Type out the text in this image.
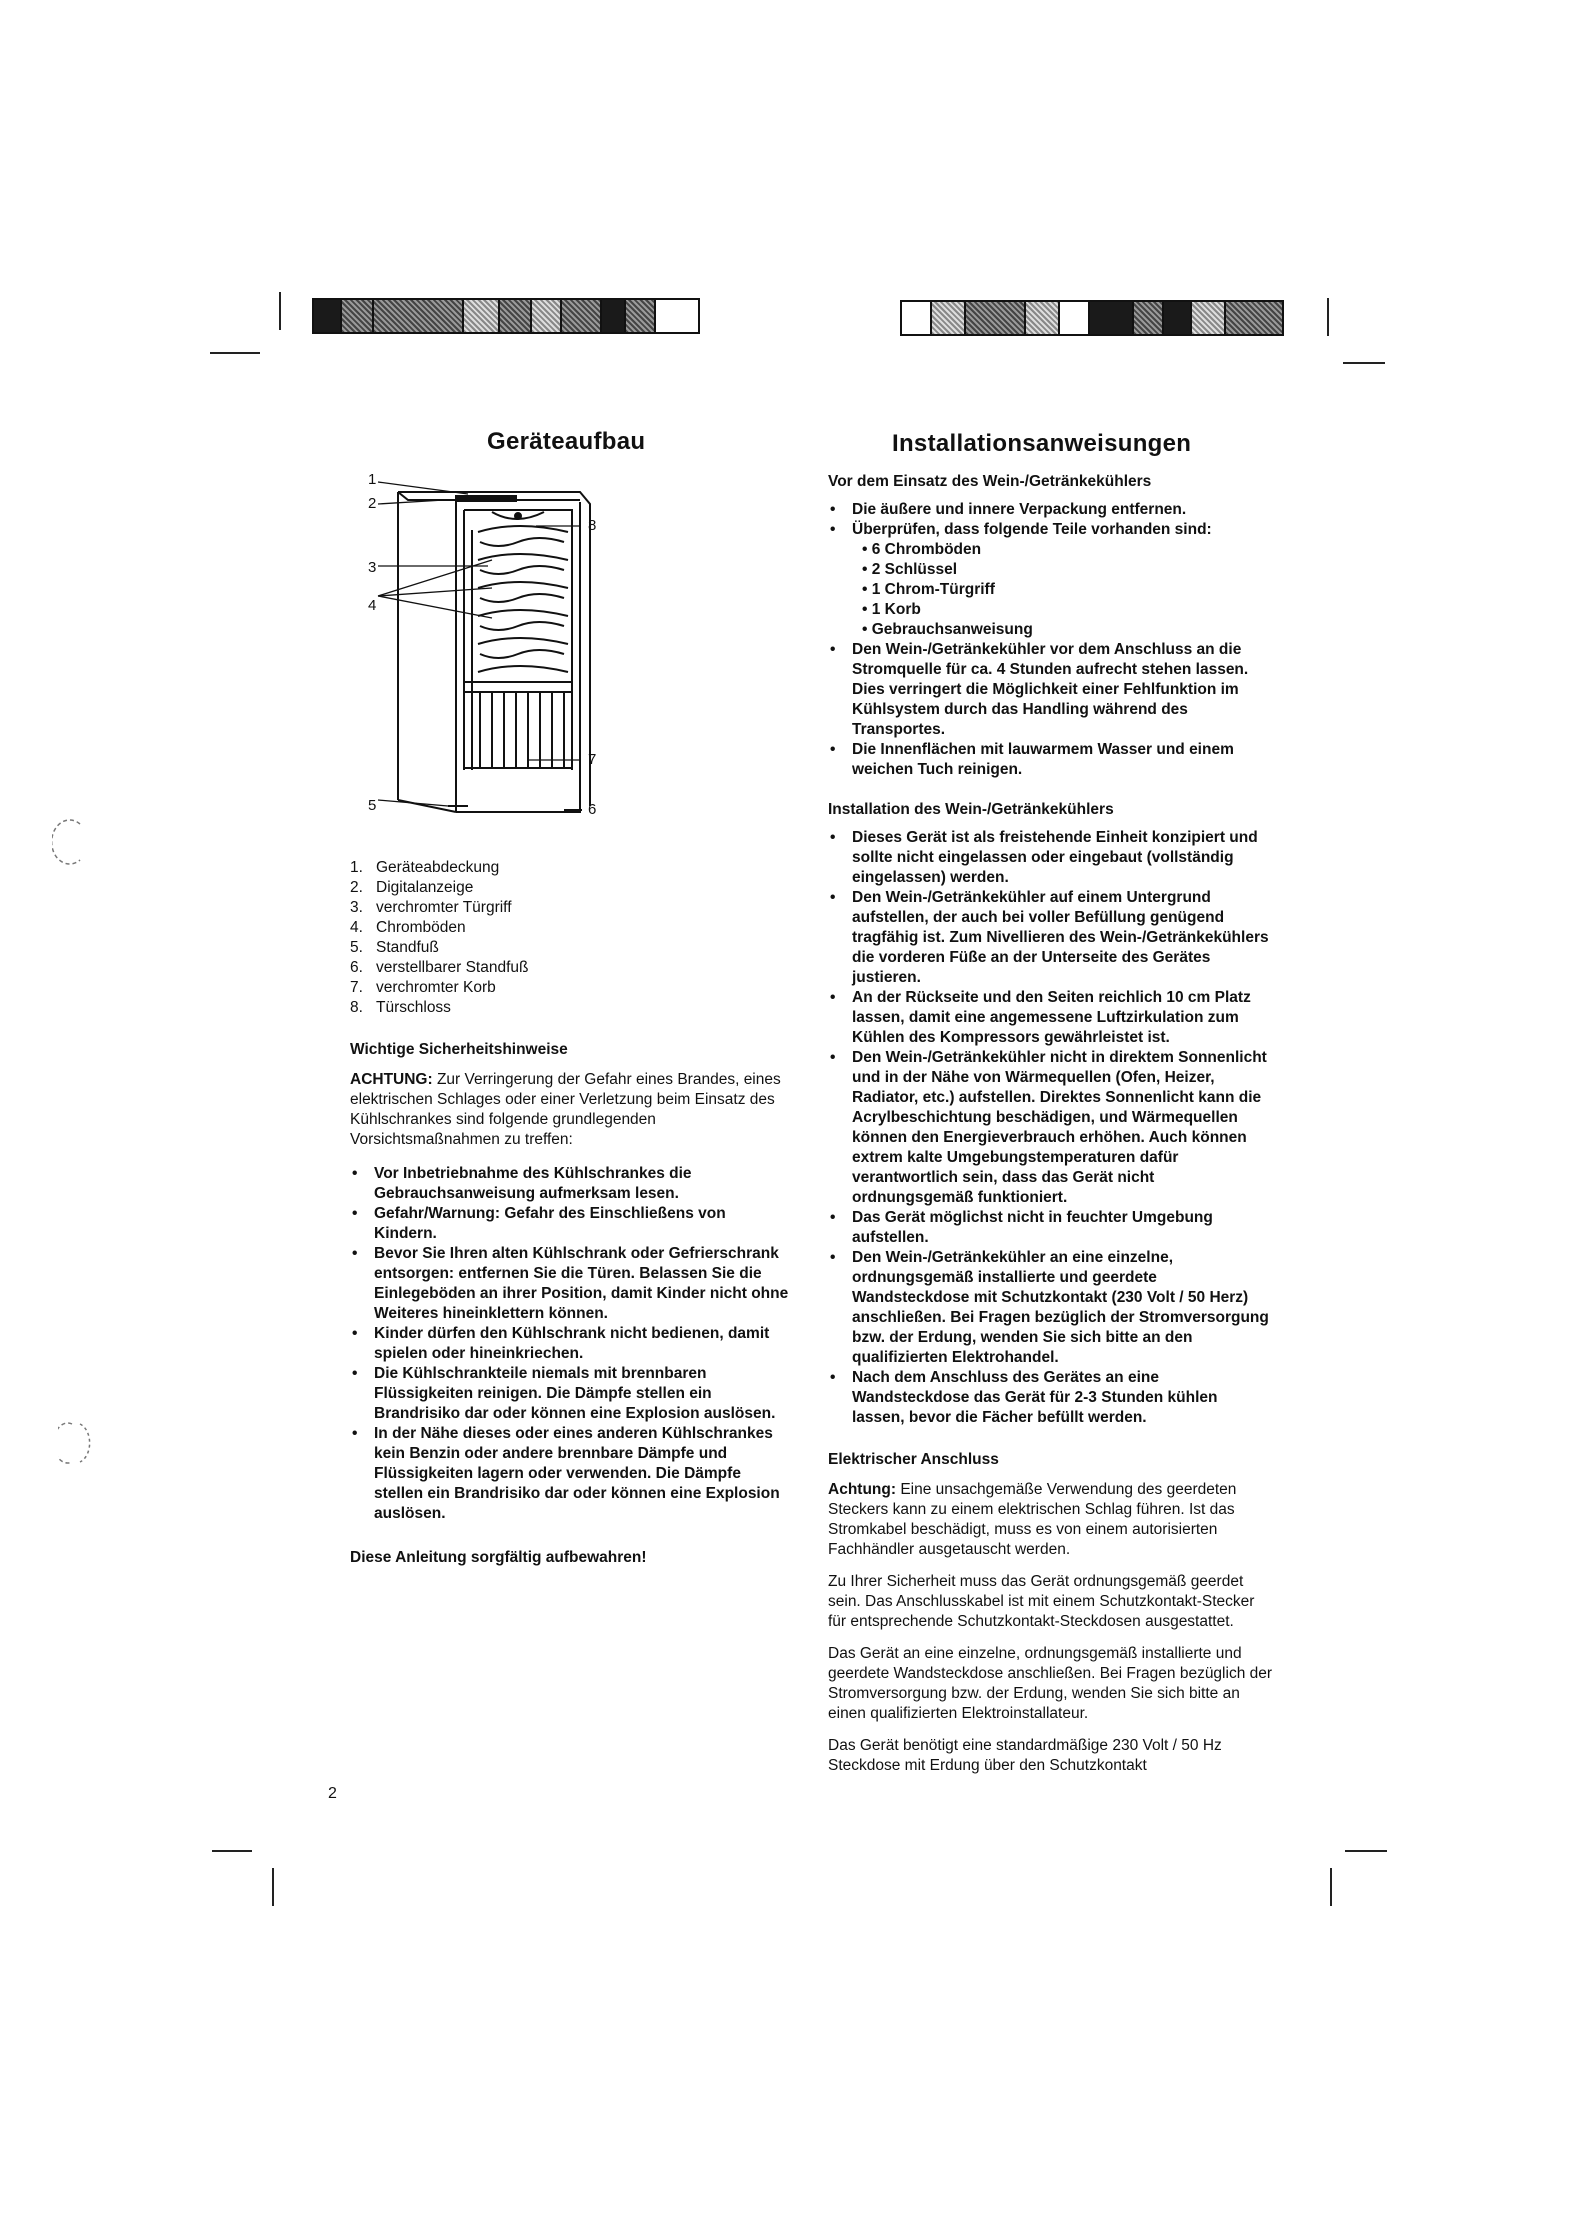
Geräteaufbau
1
2
3
4
5	6
7
8
1. Geräteabdeckung
2. Digitalanzeige
3. verchromter Türgriff
4. Chromböden
5. Standfuß
6. verstellbarer Standfuß
7. verchromter Korb
8. Türschloss

Wichtige Sicherheitshinweise

ACHTUNG: Zur Verringerung der Gefahr eines Brandes, eines elektrischen Schlages oder einer Verletzung beim Einsatz des Kühlschrankes sind folgende grundlegenden Vorsichtsmaßnahmen zu treffen:

• Vor Inbetriebnahme des Kühlschrankes die Gebrauchsanweisung aufmerksam lesen.
• Gefahr/Warnung: Gefahr des Einschließens von Kindern.
• Bevor Sie Ihren alten Kühlschrank oder Gefrierschrank entsorgen: entfernen Sie die Türen. Belassen Sie die Einlegeböden an ihrer Position, damit Kinder nicht ohne Weiteres hineinklettern können.
• Kinder dürfen den Kühlschrank nicht bedienen, damit spielen oder hineinkriechen.
• Die Kühlschrankteile niemals mit brennbaren Flüssigkeiten reinigen. Die Dämpfe stellen ein Brandrisiko dar oder können eine Explosion auslösen.
• In der Nähe dieses oder eines anderen Kühlschrankes kein Benzin oder andere brennbare Dämpfe und Flüssigkeiten lagern oder verwenden. Die Dämpfe stellen ein Brandrisiko dar oder können eine Explosion auslösen.

Diese Anleitung sorgfältig aufbewahren!

2
Installationsanweisungen

Vor dem Einsatz des Wein-/Getränkekühlers

• Die äußere und innere Verpackung entfernen.
• Überprüfen, dass folgende Teile vorhanden sind:
• 6 Chromböden
• 2 Schlüssel
• 1 Chrom-Türgriff
• 1 Korb
• Gebrauchsanweisung
• Den Wein-/Getränkekühler vor dem Anschluss an die Stromquelle für ca. 4 Stunden aufrecht stehen lassen. Dies verringert die Möglichkeit einer Fehlfunktion im Kühlsystem durch das Handling während des Transportes.
• Die Innenflächen mit lauwarmem Wasser und einem weichen Tuch reinigen.

Installation des Wein-/Getränkekühlers

• Dieses Gerät ist als freistehende Einheit konzipiert und sollte nicht eingelassen oder eingebaut (vollständig eingelassen) werden.
• Den Wein-/Getränkekühler auf einem Untergrund aufstellen, der auch bei voller Befüllung genügend tragfähig ist. Zum Nivellieren des Wein-/Getränkekühlers die vorderen Füße an der Unterseite des Gerätes justieren.
• An der Rückseite und den Seiten reichlich 10 cm Platz lassen, damit eine angemessene Luftzirkulation zum Kühlen des Kompressors gewährleistet ist.
• Den Wein-/Getränkekühler nicht in direktem Sonnenlicht und in der Nähe von Wärmequellen (Ofen, Heizer, Radiator, etc.) aufstellen. Direktes Sonnenlicht kann die Acrylbeschichtung beschädigen, und Wärmequellen können den Energieverbrauch erhöhen. Auch können extrem kalte Umgebungstemperaturen dafür verantwortlich sein, dass das Gerät nicht ordnungsgemäß funktioniert.
• Das Gerät möglichst nicht in feuchter Umgebung aufstellen.
• Den Wein-/Getränkekühler an eine einzelne, ordnungsgemäß installierte und geerdete Wandsteckdose mit Schutzkontakt (230 Volt / 50 Herz) anschließen. Bei Fragen bezüglich der Stromversorgung bzw. der Erdung, wenden Sie sich bitte an den qualifizierten Elektrohandel.
• Nach dem Anschluss des Gerätes an eine Wandsteckdose das Gerät für 2-3 Stunden kühlen lassen, bevor die Fächer befüllt werden.

Elektrischer Anschluss

Achtung: Eine unsachgemäße Verwendung des geerdeten Steckers kann zu einem elektrischen Schlag führen. Ist das Stromkabel beschädigt, muss es von einem autorisierten Fachhändler ausgetauscht werden.

Zu Ihrer Sicherheit muss das Gerät ordnungsgemäß geerdet sein. Das Anschlusskabel ist mit einem Schutzkontakt-Stecker für entsprechende Schutzkontakt-Steckdosen ausgestattet.

Das Gerät an eine einzelne, ordnungsgemäß installierte und geerdete Wandsteckdose anschließen. Bei Fragen bezüglich der Stromversorgung bzw. der Erdung, wenden Sie sich bitte an einen qualifizierten Elektroinstallateur.

Das Gerät benötigt eine standardmäßige 230 Volt / 50 Hz Steckdose mit Erdung über den Schutzkontakt
